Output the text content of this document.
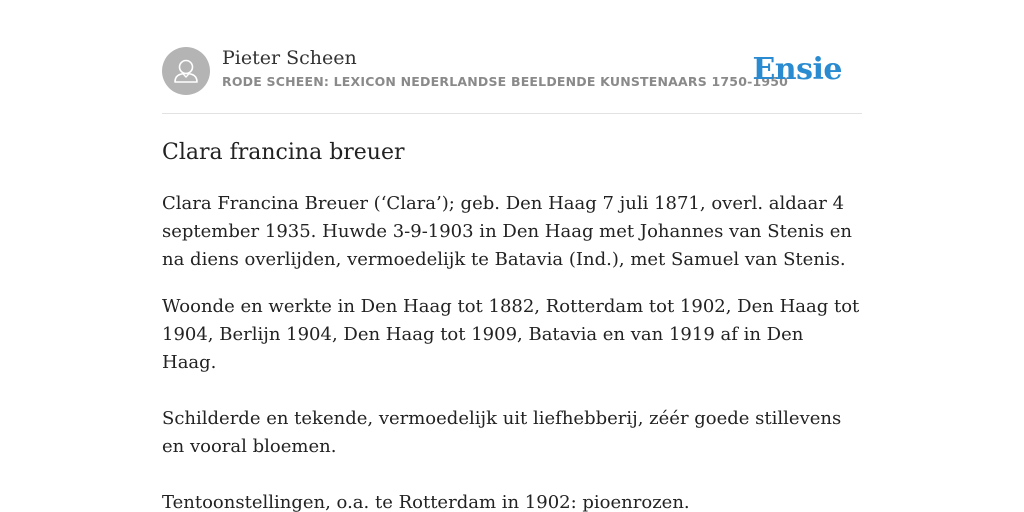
Pieter Scheen
RODE SCHEEN: LEXICON NEDERLANDSE BEELDENDE KUNSTENAARS 1750-1950
Ensie
Clara francina breuer

Clara Francina Breuer (‘Clara’); geb. Den Haag 7 juli 1871, overl. aldaar 4 september 1935. Huwde 3-9-1903 in Den Haag met Johannes van Stenis en na diens overlijden, vermoedelijk te Batavia (Ind.), met Samuel van Stenis.

Woonde en werkte in Den Haag tot 1882, Rotterdam tot 1902, Den Haag tot 1904, Berlijn 1904, Den Haag tot 1909, Batavia en van 1919 af in Den Haag.

Schilderde en tekende, vermoedelijk uit liefhebberij, zéér goede stillevens en vooral bloemen.

Tentoonstellingen, o.a. te Rotterdam in 1902: pioenrozen.
